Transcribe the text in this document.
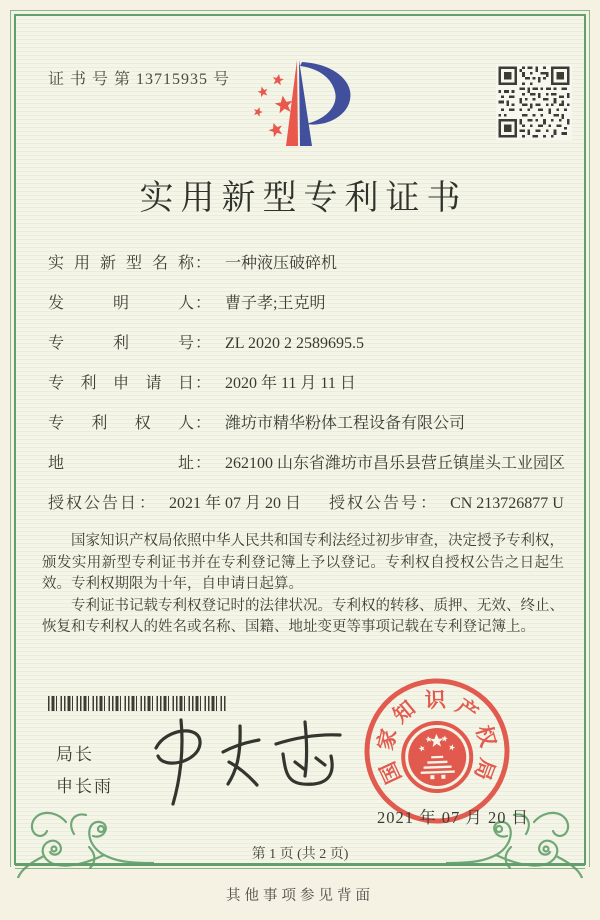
证 书 号 第 13715935 号
实用新型专利证书
实用新型名称： 一种液压破碎机
发明人： 曹子孝;王克明
专利号： ZL 2020 2 2589695.5
专利申请日： 2020 年 11 月 11 日
专利权人： 潍坊市精华粉体工程设备有限公司
地址： 262100 山东省潍坊市昌乐县营丘镇崖头工业园区
授权公告日： 2021 年 07 月 20 日 授权公告号： CN 213726877 U

国家知识产权局依照中华人民共和国专利法经过初步审查，决定授予专利权，颁发实用新型专利证书并在专利登记簿上予以登记。专利权自授权公告之日起生效。专利权期限为十年，自申请日起算。

专利证书记载专利权登记时的法律状况。专利权的转移、质押、无效、终止、恢复和专利权人的姓名或名称、国籍、地址变更等事项记载在专利登记簿上。

局长
申长雨	国
家
知 识 产
权
局
2021 年 07 月 20 日
第 1 页 (共 2 页)
其他事项参见背面
